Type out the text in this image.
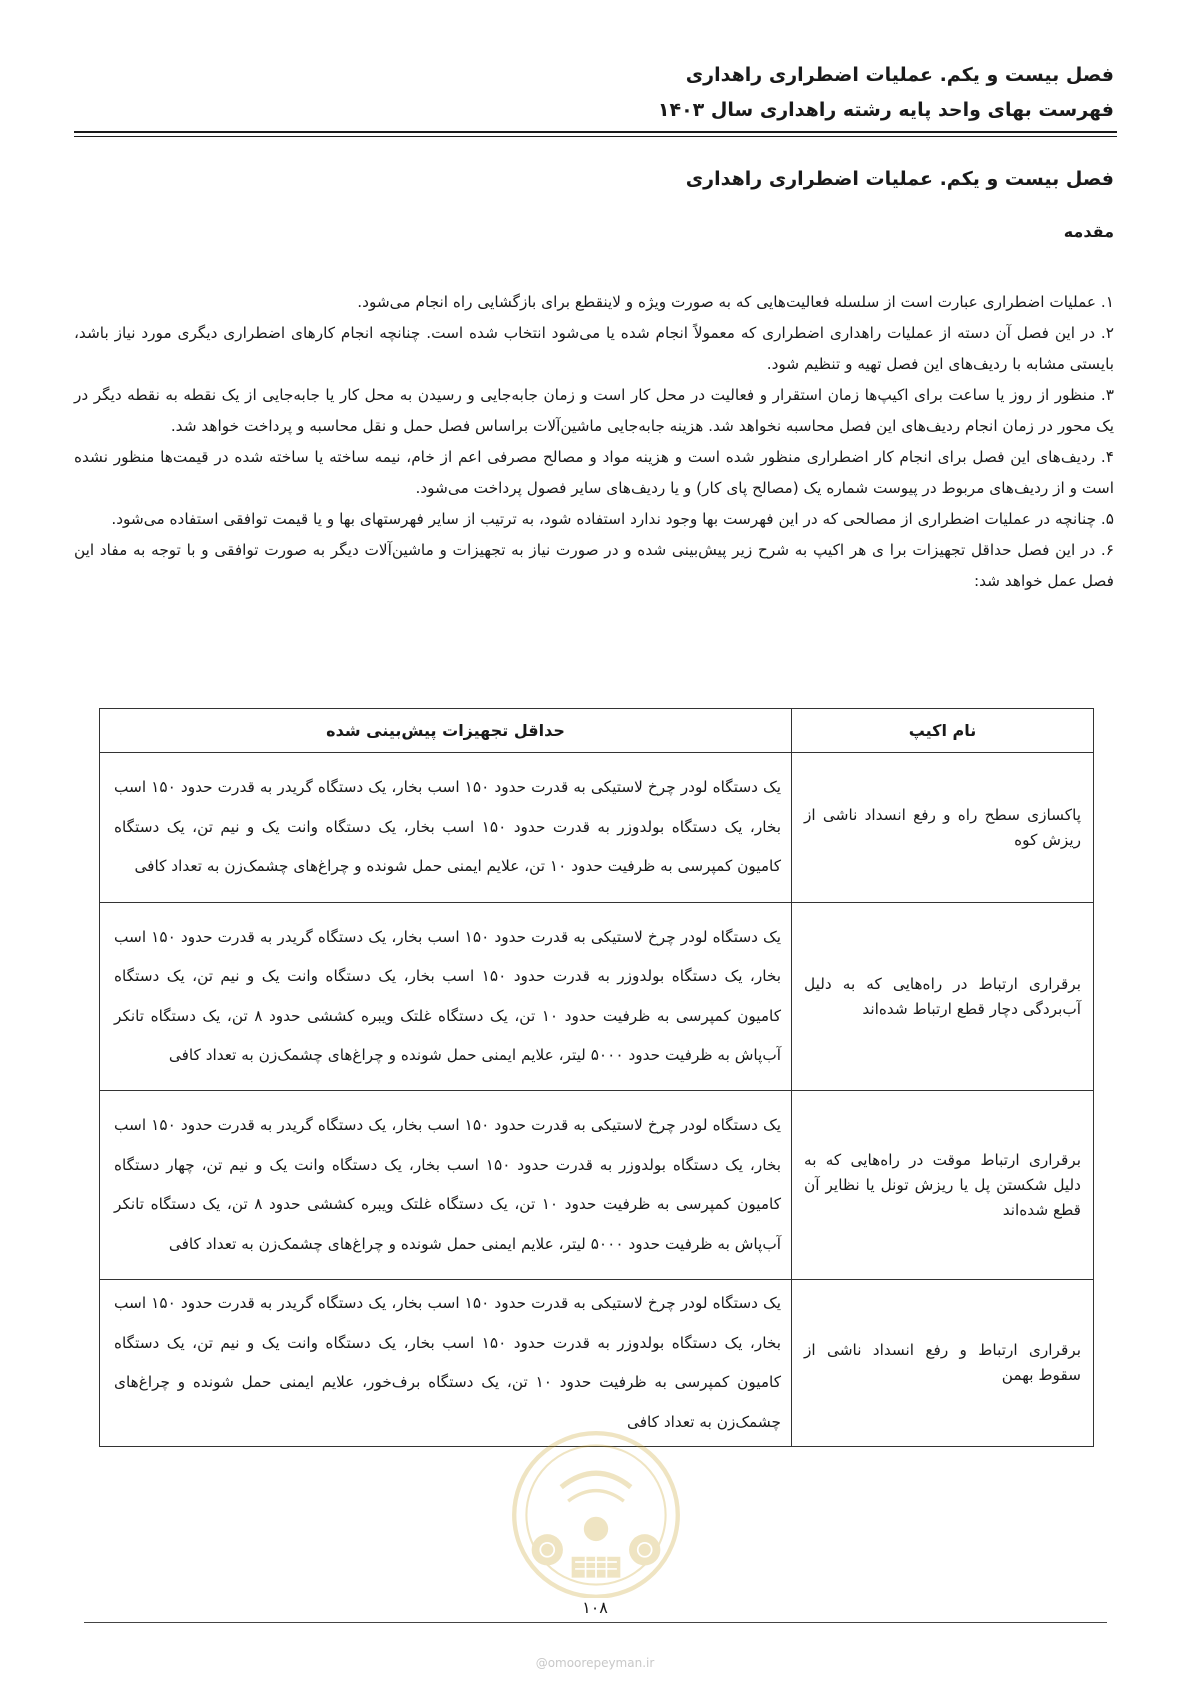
فصل بیست و یکم. عملیات اضطراری راهداری
فهرست بهای واحد پایه رشته راهداری سال ۱۴۰۳
فصل بیست و یکم. عملیات اضطراری راهداری
مقدمه

۱. عملیات اضطراری عبارت است از سلسله فعالیت‌هایی که به صورت ویژه و لاینقطع برای بازگشایی راه انجام می‌شود.

۲. در این فصل آن دسته از عملیات راهداری اضطراری که معمولاً انجام شده یا می‌شود انتخاب شده است. چنانچه انجام کارهای اضطراری دیگری مورد نیاز باشد، بایستی مشابه با ردیف‌های این فصل تهیه و تنظیم شود.

۳. منظور از روز یا ساعت برای اکیپ‌ها زمان استقرار و فعالیت در محل کار است و زمان جابه‌جایی و رسیدن به محل کار یا جابه‌جایی از یک نقطه به نقطه دیگر در یک محور در زمان انجام ردیف‌های این فصل محاسبه نخواهد شد. هزینه جابه‌جایی ماشین‌آلات براساس فصل حمل و نقل محاسبه و پرداخت خواهد شد.

۴. ردیف‌های این فصل برای انجام کار اضطراری منظور شده است و هزینه مواد و مصالح مصرفی اعم از خام، نیمه ساخته یا ساخته شده در قیمت‌ها منظور نشده است و از ردیف‌های مربوط در پیوست شماره یک (مصالح پای کار) و یا ردیف‌های سایر فصول پرداخت می‌شود.

۵. چنانچه در عملیات اضطراری از مصالحی که در این فهرست بها وجود ندارد استفاده شود، به ترتیب از سایر فهرستهای بها و یا قیمت توافقی استفاده می‌شود.

۶. در این فصل حداقل تجهیزات برا ی هر اکیپ به شرح زیر پیش‌بینی شده و در صورت نیاز به تجهیزات و ماشین‌آلات دیگر به صورت توافقی و با توجه به مفاد این فصل عمل خواهد شد:

نام اکیپ	حداقل تجهیزات پیش‌بینی شده
پاکسازی سطح راه و رفع انسداد ناشی از ریزش کوه	یک دستگاه لودر چرخ لاستیکی به قدرت حدود ۱۵۰ اسب بخار، یک دستگاه گریدر به قدرت حدود ۱۵۰ اسب بخار، یک دستگاه بولدوزر به قدرت حدود ۱۵۰ اسب بخار، یک دستگاه وانت یک و نیم تن، یک دستگاه کامیون کمپرسی به ظرفیت حدود ۱۰ تن، علایم ایمنی حمل شونده و چراغ‌های چشمک‌زن به تعداد کافی
برقراری ارتباط در راه‌هایی که به دلیل آب‌بردگی دچار قطع ارتباط شده‌اند	یک دستگاه لودر چرخ لاستیکی به قدرت حدود ۱۵۰ اسب بخار، یک دستگاه گریدر به قدرت حدود ۱۵۰ اسب بخار، یک دستگاه بولدوزر به قدرت حدود ۱۵۰ اسب بخار، یک دستگاه وانت یک و نیم تن، یک دستگاه کامیون کمپرسی به ظرفیت حدود ۱۰ تن، یک دستگاه غلتک ویبره کششی حدود ۸ تن، یک دستگاه تانکر آب‌پاش به ظرفیت حدود ۵۰۰۰ لیتر، علایم ایمنی حمل شونده و چراغ‌های چشمک‌زن به تعداد کافی
برقراری ارتباط موقت در راه‌هایی که به دلیل شکستن پل یا ریزش تونل یا نظایر آن قطع شده‌اند	یک دستگاه لودر چرخ لاستیکی به قدرت حدود ۱۵۰ اسب بخار، یک دستگاه گریدر به قدرت حدود ۱۵۰ اسب بخار، یک دستگاه بولدوزر به قدرت حدود ۱۵۰ اسب بخار، یک دستگاه وانت یک و نیم تن، چهار دستگاه کامیون کمپرسی به ظرفیت حدود ۱۰ تن، یک دستگاه غلتک ویبره کششی حدود ۸ تن، یک دستگاه تانکر آب‌پاش به ظرفیت حدود ۵۰۰۰ لیتر، علایم ایمنی حمل شونده و چراغ‌های چشمک‌زن به تعداد کافی
برقراری ارتباط و رفع انسداد ناشی از سقوط بهمن	یک دستگاه لودر چرخ لاستیکی به قدرت حدود ۱۵۰ اسب بخار، یک دستگاه گریدر به قدرت حدود ۱۵۰ اسب بخار، یک دستگاه بولدوزر به قدرت حدود ۱۵۰ اسب بخار، یک دستگاه وانت یک و نیم تن، یک دستگاه کامیون کمپرسی به ظرفیت حدود ۱۰ تن، یک دستگاه برف‌خور، علایم ایمنی حمل شونده و چراغ‌های چشمک‌زن به تعداد کافی
۱۰۸
@omoorepeyman.ir
